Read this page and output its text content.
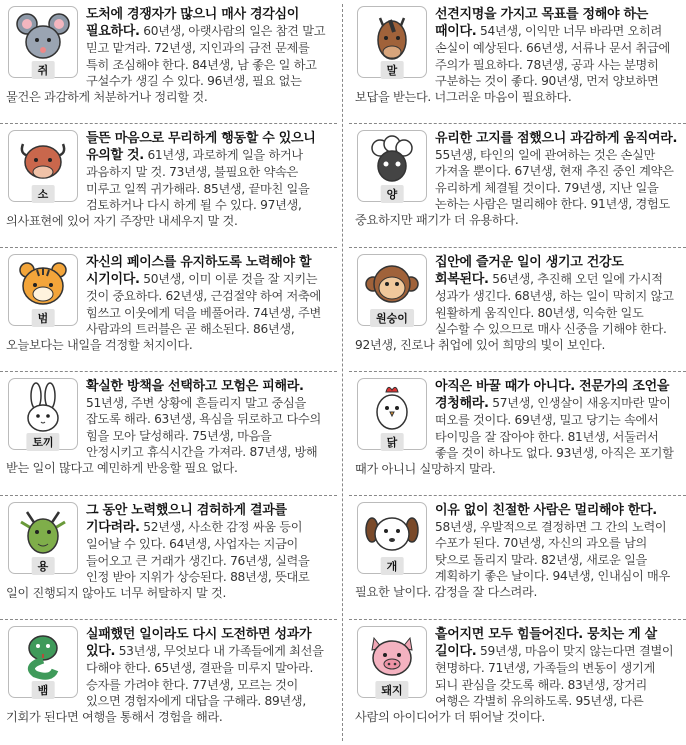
쥐
도처에 경쟁자가 많으니 매사 경각심이 필요하다. 60년생, 아랫사람의 일은 참견 말고 믿고 맡겨라. 72년생, 지인과의 금전 문제를 특히 조심해야 한다. 84년생, 남 좋은 일 하고 구설수가 생길 수 있다. 96년생, 필요 없는 물건은 과감하게 처분하거나 정리할 것.
소
들뜬 마음으로 무리하게 행동할 수 있으니 유의할 것. 61년생, 과로하게 일을 하거나 과음하지 말 것. 73년생, 불필요한 약속은 미루고 일찍 귀가해라. 85년생, 끝마친 일을 검토하거나 다시 하게 될 수 있다. 97년생, 의사표현에 있어 자기 주장만 내세우지 말 것.
범
자신의 페이스를 유지하도록 노력해야 할 시기이다. 50년생, 이미 이룬 것을 잘 지키는 것이 중요하다. 62년생, 근검절약 하여 저축에 힘쓰고 이웃에게 덕을 베풀어라. 74년생, 주변 사람과의 트러블은 곧 해소된다. 86년생, 오늘보다는 내일을 걱정할 처지이다.
토끼
확실한 방책을 선택하고 모험은 피해라. 51년생, 주변 상황에 흔들리지 말고 중심을 잡도록 해라. 63년생, 욕심을 뒤로하고 다수의 힘을 모아 달성해라. 75년생, 마음을 안정시키고 휴식시간을 가져라. 87년생, 방해 받는 일이 많다고 예민하게 반응할 필요 없다.
용
그 동안 노력했으니 겸허하게 결과를 기다려라. 52년생, 사소한 감정 싸움 등이 일어날 수 있다. 64년생, 사업자는 지금이 들어오고 큰 거래가 생긴다. 76년생, 실력을 인정 받아 지위가 상승된다. 88년생, 뜻대로 일이 진행되지 않아도 너무 허탈하지 말 것.
뱀
실패했던 일이라도 다시 도전하면 성과가 있다. 53년생, 무엇보다 내 가족들에게 최선을 다해야 한다. 65년생, 결판을 미루지 말아라. 승자를 가려야 한다. 77년생, 모르는 것이 있으면 경험자에게 대답을 구해라. 89년생, 기회가 된다면 여행을 통해서 경험을 해라.
말
선견지명을 가지고 목표를 정해야 하는 때이다. 54년생, 이익만 너무 바라면 오히려 손실이 예상된다. 66년생, 서류나 문서 취급에 주의가 필요하다. 78년생, 공과 사는 분명히 구분하는 것이 좋다. 90년생, 먼저 양보하면 보답을 받는다. 너그러운 마음이 필요하다.
양
유리한 고지를 점했으니 과감하게 움직여라. 55년생, 타인의 일에 관여하는 것은 손실만 가져올 뿐이다. 67년생, 현재 추진 중인 계약은 유리하게 체결될 것이다. 79년생, 지난 일을 논하는 사람은 멀리해야 한다. 91년생, 경험도 중요하지만 패기가 더 유용하다.
원숭이
집안에 즐거운 일이 생기고 건강도 회복된다. 56년생, 추진해 오던 일에 가시적 성과가 생긴다. 68년생, 하는 일이 막히지 않고 원활하게 움직인다. 80년생, 익숙한 일도 실수할 수 있으므로 매사 신중을 기해야 한다. 92년생, 진로나 취업에 있어 희망의 빛이 보인다.
닭
아직은 바꿀 때가 아니다. 전문가의 조언을 경청해라. 57년생, 인생살이 새옹지마란 말이 떠오를 것이다. 69년생, 밀고 당기는 속에서 타이밍을 잘 잡아야 한다. 81년생, 서둘러서 좋을 것이 하나도 없다. 93년생, 아직은 포기할 때가 아니니 실망하지 말라.
개
이유 없이 친절한 사람은 멀리해야 한다. 58년생, 우발적으로 결정하면 그 간의 노력이 수포가 된다. 70년생, 자신의 과오를 남의 탓으로 돌리지 말라. 82년생, 새로운 일을 계획하기 좋은 날이다. 94년생, 인내심이 매우 필요한 날이다. 감정을 잘 다스려라.
돼지
흩어지면 모두 힘들어진다. 뭉치는 게 살 길이다. 59년생, 마음이 맞지 않는다면 결별이 현명하다. 71년생, 가족들의 변동이 생기게 되니 관심을 갖도록 해라. 83년생, 장거리 여행은 각별히 유의하도록. 95년생, 다른 사람의 아이디어가 더 뛰어날 것이다.
